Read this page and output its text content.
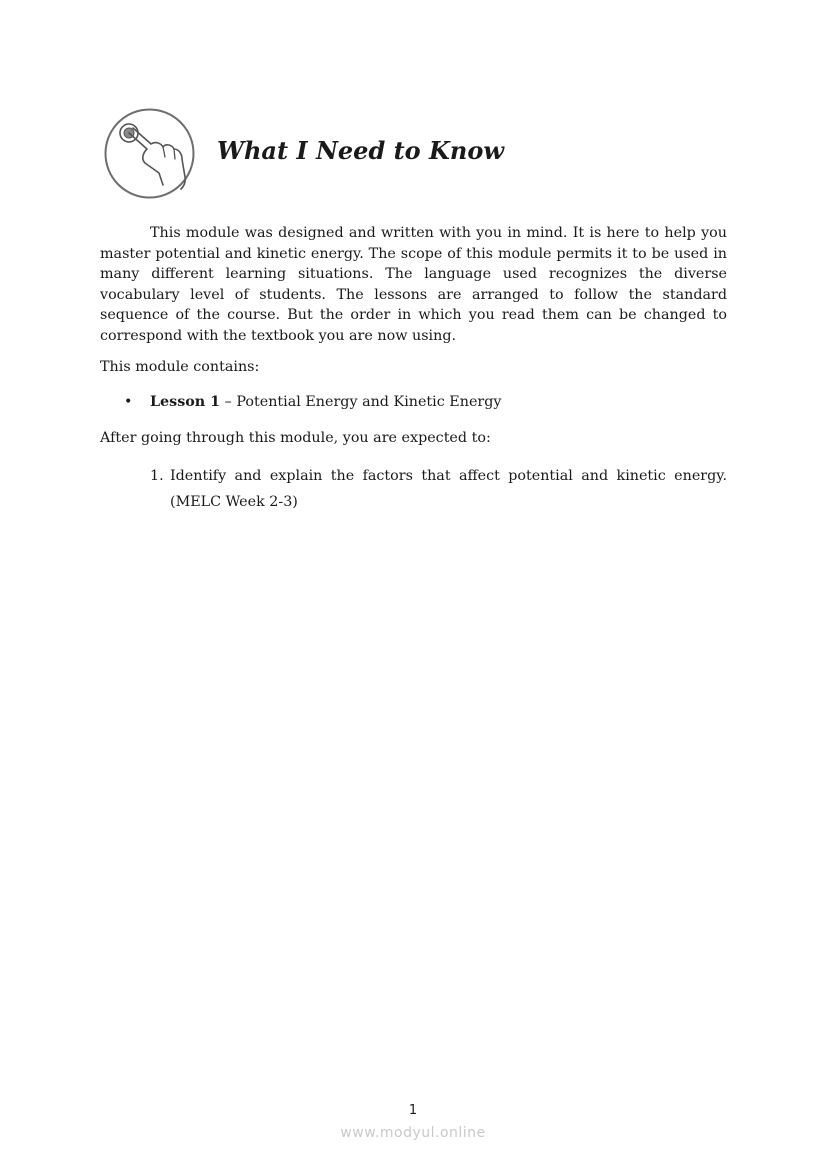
What I Need to Know

This module was designed and written with you in mind. It is here to help you master potential and kinetic energy. The scope of this module permits it to be used in many different learning situations. The language used recognizes the diverse vocabulary level of students. The lessons are arranged to follow the standard sequence of the course. But the order in which you read them can be changed to correspond with the textbook you are now using.

This module contains:

•	Lesson 1 – Potential Energy and Kinetic Energy

After going through this module, you are expected to:

1. Identify and explain the factors that affect potential and kinetic energy. (MELC Week 2-3)
1
www.modyul.online
